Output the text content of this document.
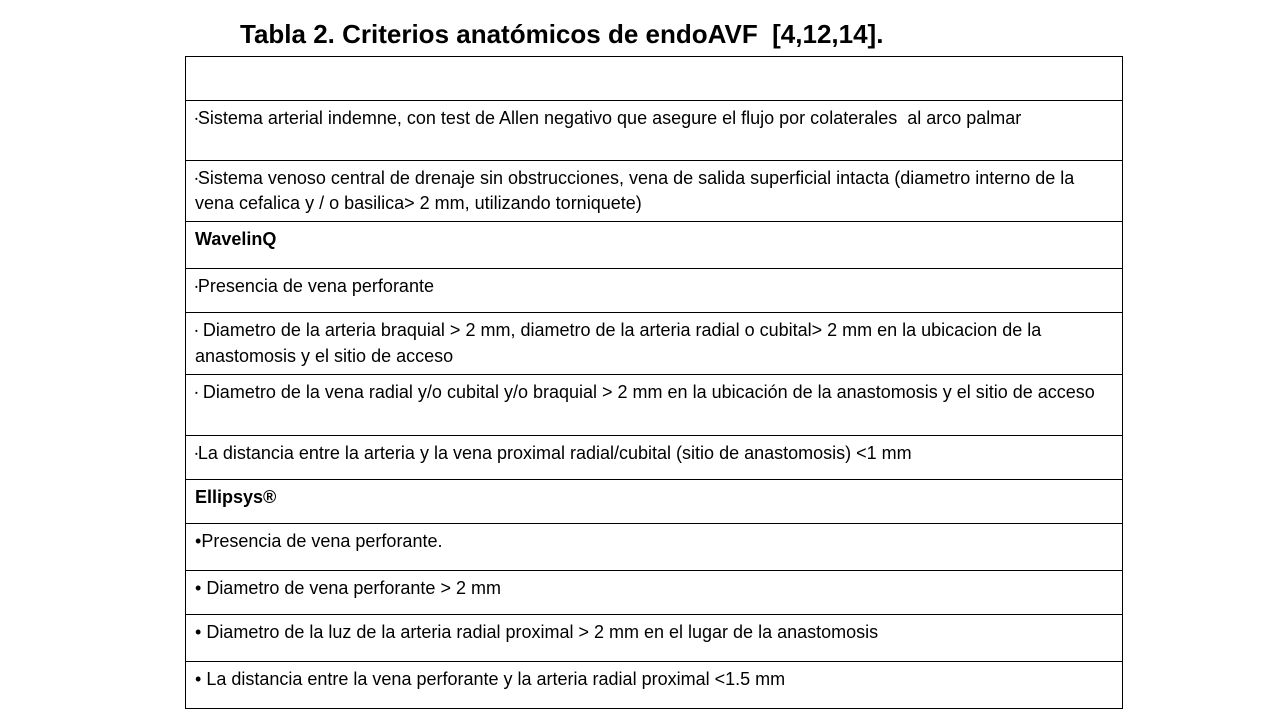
Tabla 2. Criterios anatómicos de endoAVF  [4,12,14].

•Sistema arterial indemne, con test de Allen negativo que asegure el flujo por colaterales  al arco palmar
•Sistema venoso central de drenaje sin obstrucciones, vena de salida superficial intacta (diametro interno de la vena cefalica y / o basilica> 2 mm, utilizando torniquete)
WavelinQ
•Presencia de vena perforante
• Diametro de la arteria braquial > 2 mm, diametro de la arteria radial o cubital> 2 mm en la ubicacion de la anastomosis y el sitio de acceso
• Diametro de la vena radial y/o cubital y/o braquial > 2 mm en la ubicación de la anastomosis y el sitio de acceso
•La distancia entre la arteria y la vena proximal radial/cubital (sitio de anastomosis) <1 mm
Ellipsys®
•Presencia de vena perforante.
• Diametro de vena perforante > 2 mm
• Diametro de la luz de la arteria radial proximal > 2 mm en el lugar de la anastomosis
• La distancia entre la vena perforante y la arteria radial proximal <1.5 mm
